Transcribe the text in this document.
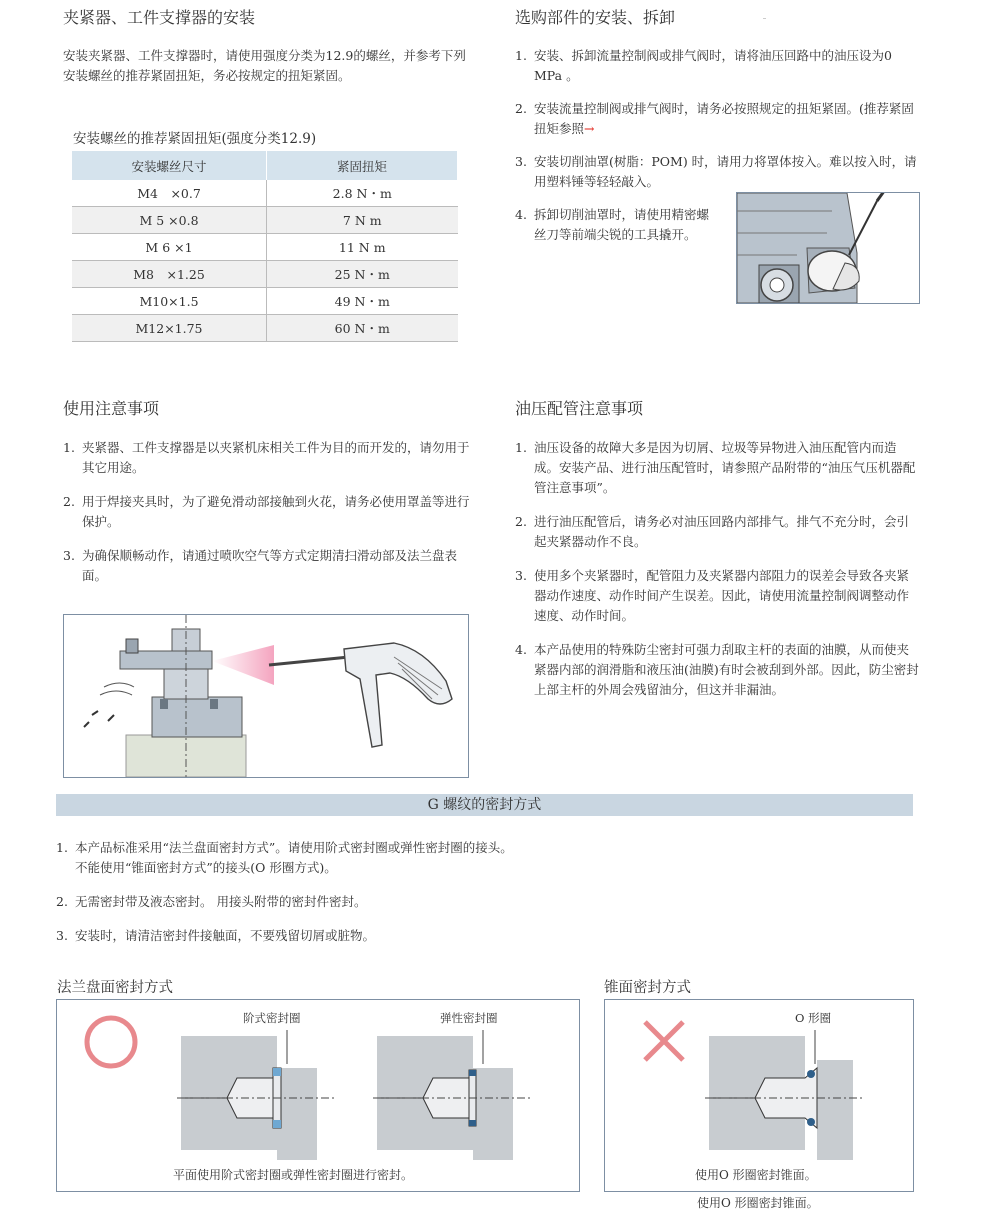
夹紧器、工件支撑器的安装

安装夹紧器、工件支撑器时，请使用强度分类为12.9的螺丝，并参考下列安装螺丝的推荐紧固扭矩，务必按规定的扭矩紧固。

安装螺丝的推荐紧固扭矩(强度分类12.9)
安装螺丝尺寸	紧固扭矩
M4　×0.7	2.8 N・m
M 5 ×0.8	7 N m
M 6 ×1	11 N m
M8　×1.25	25 N・m
M10×1.5	49 N・m
M12×1.75	60 N・m
选购部件的安装、拆卸
1. 安装、拆卸流量控制阀或排气阀时，请将油压回路中的油压设为0 MPa 。
2. 安装流量控制阀或排气阀时，请务必按照规定的扭矩紧固。(推荐紧固扭矩参照→
3. 安装切削油罩(树脂：POM) 时，请用力将罩体按入。难以按入时，请用塑料锤等轻轻敲入。
4. 拆卸切削油罩时，请使用精密螺丝刀等前端尖锐的工具撬开。
使用注意事项
1. 夹紧器、工件支撑器是以夹紧机床相关工件为目的而开发的，请勿用于其它用途。
2. 用于焊接夹具时，为了避免滑动部接触到火花，请务必使用罩盖等进行保护。
3. 为确保顺畅动作，请通过喷吹空气等方式定期清扫滑动部及法兰盘表面。
油压配管注意事项
1. 油压设备的故障大多是因为切屑、垃圾等异物进入油压配管内而造成。安装产品、进行油压配管时，请参照产品附带的“油压气压机器配管注意事项”。
2. 进行油压配管后，请务必对油压回路内部排气。排气不充分时，会引起夹紧器动作不良。
3. 使用多个夹紧器时，配管阻力及夹紧器内部阻力的误差会导致各夹紧器动作速度、动作时间产生误差。因此，请使用流量控制阀调整动作速度、动作时间。
4. 本产品使用的特殊防尘密封可强力刮取主杆的表面的油膜，从而使夹紧器内部的润滑脂和液压油(油膜)有时会被刮到外部。因此，防尘密封上部主杆的外周会残留油分，但这并非漏油。
G 螺纹的密封方式
1. 本产品标准采用“法兰盘面密封方式”。请使用阶式密封圈或弹性密封圈的接头。
不能使用“锥面密封方式”的接头(O 形圈方式)。
2. 无需密封带及液态密封。 用接头附带的密封件密封。
3. 安装时，请清洁密封件接触面，不要残留切屑或脏物。
法兰盘面密封方式	锥面密封方式
阶式密封圈	弹性密封圈
平面使用阶式密封圈或弹性密封圈进行密封。
O 形圈
使用O 形圈密封锥面。
使用O 形圈密封锥面。
